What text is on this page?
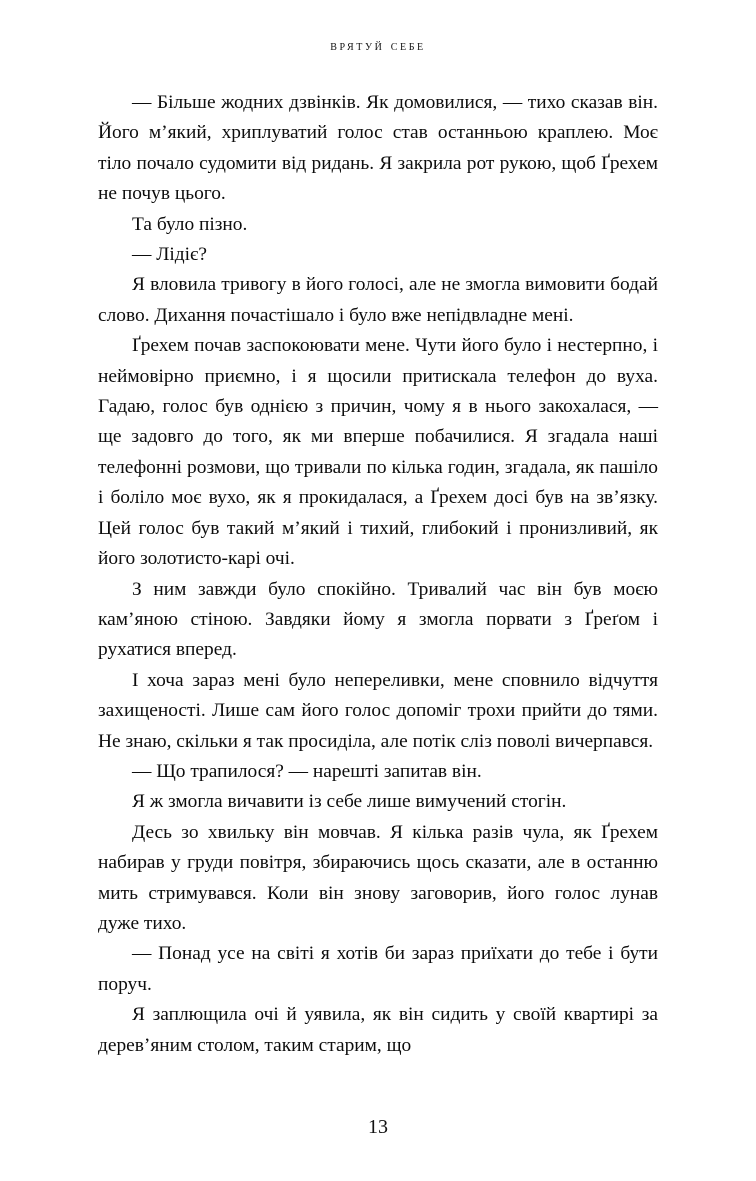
врятуй себе

— Більше жодних дзвінків. Як домовилися, — тихо сказав він. Його м’який, хриплуватий голос став останньою краплею. Моє тіло почало судомити від ридань. Я закрила рот рукою, щоб Ґрехем не почув цього.

Та було пізно.

— Лідіє?

Я вловила тривогу в його голосі, але не змогла вимовити бодай слово. Дихання почастішало і було вже непідвладне мені.

Ґрехем почав заспокоювати мене. Чути його було і нестерпно, і неймовірно приємно, і я щосили притискала телефон до вуха. Гадаю, голос був однією з причин, чому я в нього закохалася, — ще задовго до того, як ми вперше побачилися. Я згадала наші телефонні розмови, що тривали по кілька годин, згадала, як пашіло і боліло моє вухо, як я прокидалася, а Ґрехем досі був на зв’язку. Цей голос був такий м’який і тихий, глибокий і пронизливий, як його золотисто-карі очі.

З ним завжди було спокійно. Тривалий час він був моєю кам’яною стіною. Завдяки йому я змогла порвати з Ґреґом і рухатися вперед.

І хоча зараз мені було неперeливки, мене сповнило відчуття захищеності. Лише сам його голос допоміг трохи прийти до тями. Не знаю, скільки я так просиділа, але потік сліз поволі вичерпався.

— Що трапилося? — нарешті запитав він.

Я ж змогла вичавити із себе лише вимучений стогін.

Десь зо хвильку він мовчав. Я кілька разів чула, як Ґрехем набирав у груди повітря, збираючись щось сказати, але в останню мить стримувався. Коли він знову заговорив, його голос лунав дуже тихо.

— Понад усе на світі я хотів би зараз приїхати до тебе і бути поруч.

Я заплющила очі й уявила, як він сидить у своїй квартирі за дерев’яним столом, таким старим, що

13
